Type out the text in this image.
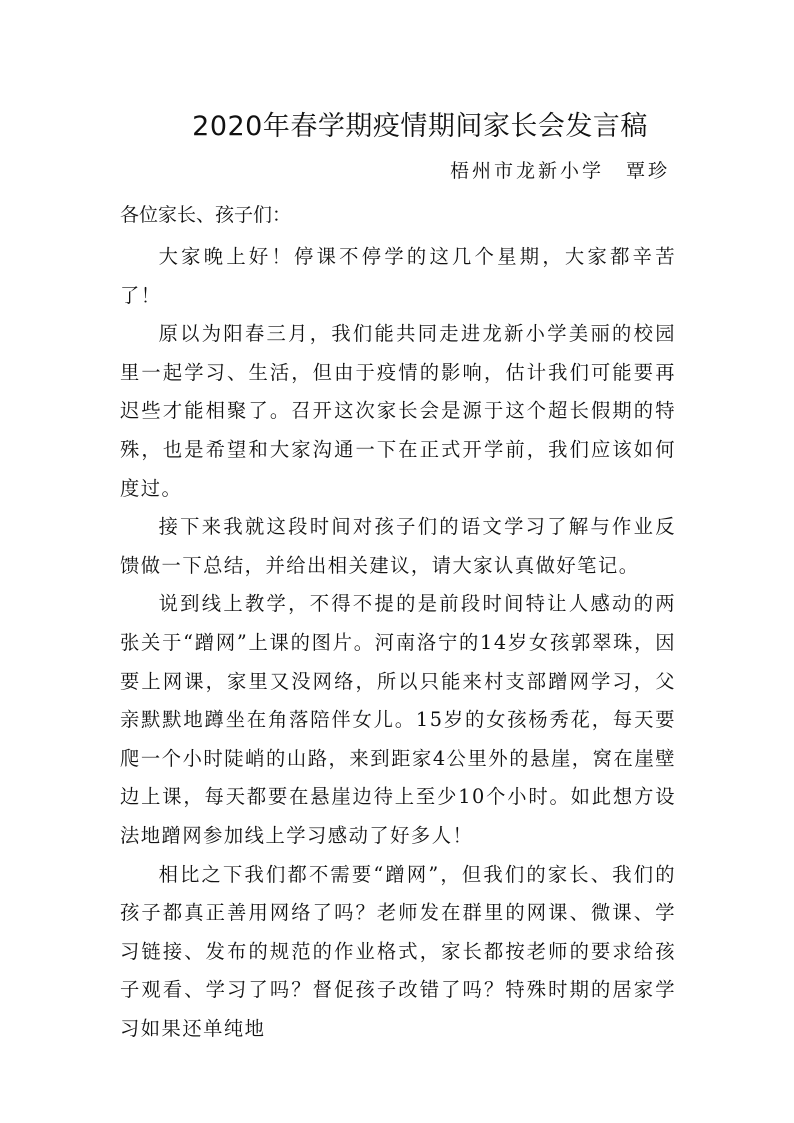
2020年春学期疫情期间家长会发言稿
梧州市龙新小学　覃珍
各位家长、孩子们：

大家晚上好！停课不停学的这几个星期，大家都辛苦了！

原以为阳春三月，我们能共同走进龙新小学美丽的校园里一起学习、生活，但由于疫情的影响，估计我们可能要再迟些才能相聚了。召开这次家长会是源于这个超长假期的特殊，也是希望和大家沟通一下在正式开学前，我们应该如何度过。

接下来我就这段时间对孩子们的语文学习了解与作业反馈做一下总结，并给出相关建议，请大家认真做好笔记。

说到线上教学，不得不提的是前段时间特让人感动的两张关于“蹭网”上课的图片。河南洛宁的14岁女孩郭翠珠，因要上网课，家里又没网络，所以只能来村支部蹭网学习，父亲默默地蹲坐在角落陪伴女儿。15岁的女孩杨秀花，每天要爬一个小时陡峭的山路，来到距家4公里外的悬崖，窝在崖壁边上课，每天都要在悬崖边待上至少10个小时。如此想方设法地蹭网参加线上学习感动了好多人！

相比之下我们都不需要“蹭网”，但我们的家长、我们的孩子都真正善用网络了吗？老师发在群里的网课、微课、学习链接、发布的规范的作业格式，家长都按老师的要求给孩子观看、学习了吗？督促孩子改错了吗？特殊时期的居家学习如果还单纯地
